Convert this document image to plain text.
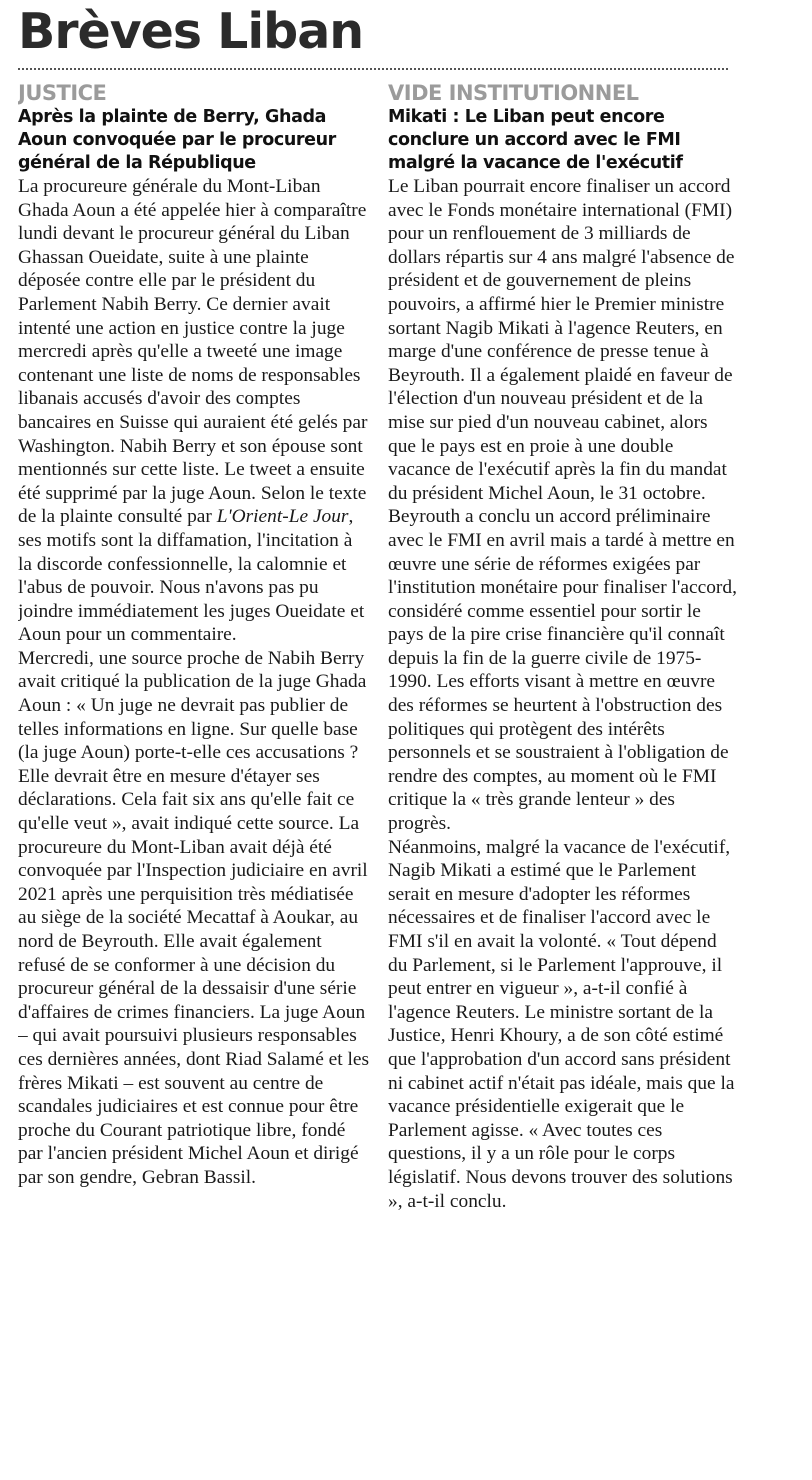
Brèves Liban
JUSTICE
Après la plainte de Berry, Ghada Aoun convoquée par le procureur général de la République

La procureure générale du Mont-Liban Ghada Aoun a été appelée hier à comparaître lundi devant le procureur général du Liban Ghassan Oueidate, suite à une plainte déposée contre elle par le président du Parlement Nabih Berry. Ce dernier avait intenté une action en justice contre la juge mercredi après qu'elle a tweeté une image contenant une liste de noms de responsables libanais accusés d'avoir des comptes bancaires en Suisse qui auraient été gelés par Washington. Nabih Berry et son épouse sont mentionnés sur cette liste. Le tweet a ensuite été supprimé par la juge Aoun. Selon le texte de la plainte consulté par L'Orient-Le Jour, ses motifs sont la diffamation, l'incitation à la discorde confessionnelle, la calomnie et l'abus de pouvoir. Nous n'avons pas pu joindre immédiatement les juges Oueidate et Aoun pour un commentaire.

Mercredi, une source proche de Nabih Berry avait critiqué la publication de la juge Ghada Aoun : « Un juge ne devrait pas publier de telles informations en ligne. Sur quelle base (la juge Aoun) porte-t-elle ces accusations ? Elle devrait être en mesure d'étayer ses déclarations. Cela fait six ans qu'elle fait ce qu'elle veut », avait indiqué cette source. La procureure du Mont-Liban avait déjà été convoquée par l'Inspection judiciaire en avril 2021 après une perquisition très médiatisée au siège de la société Mecattaf à Aoukar, au nord de Beyrouth. Elle avait également refusé de se conformer à une décision du procureur général de la dessaisir d'une série d'affaires de crimes financiers. La juge Aoun – qui avait poursuivi plusieurs responsables ces dernières années, dont Riad Salamé et les frères Mikati – est souvent au centre de scandales judiciaires et est connue pour être proche du Courant patriotique libre, fondé par l'ancien président Michel Aoun et dirigé par son gendre, Gebran Bassil.

VIDE INSTITUTIONNEL
Mikati : Le Liban peut encore conclure un accord avec le FMI malgré la vacance de l'exécutif

Le Liban pourrait encore finaliser un accord avec le Fonds monétaire international (FMI) pour un renflouement de 3 milliards de dollars répartis sur 4 ans malgré l'absence de président et de gouvernement de pleins pouvoirs, a affirmé hier le Premier ministre sortant Nagib Mikati à l'agence Reuters, en marge d'une conférence de presse tenue à Beyrouth. Il a également plaidé en faveur de l'élection d'un nouveau président et de la mise sur pied d'un nouveau cabinet, alors que le pays est en proie à une double vacance de l'exécutif après la fin du mandat du président Michel Aoun, le 31 octobre.

Beyrouth a conclu un accord préliminaire avec le FMI en avril mais a tardé à mettre en œuvre une série de réformes exigées par l'institution monétaire pour finaliser l'accord, considéré comme essentiel pour sortir le pays de la pire crise financière qu'il connaît depuis la fin de la guerre civile de 1975-1990. Les efforts visant à mettre en œuvre des réformes se heurtent à l'obstruction des politiques qui protègent des intérêts personnels et se soustraient à l'obligation de rendre des comptes, au moment où le FMI critique la « très grande lenteur » des progrès.

Néanmoins, malgré la vacance de l'exécutif, Nagib Mikati a estimé que le Parlement serait en mesure d'adopter les réformes nécessaires et de finaliser l'accord avec le FMI s'il en avait la volonté. « Tout dépend du Parlement, si le Parlement l'approuve, il peut entrer en vigueur », a-t-il confié à l'agence Reuters. Le ministre sortant de la Justice, Henri Khoury, a de son côté estimé que l'approbation d'un accord sans président ni cabinet actif n'était pas idéale, mais que la vacance présidentielle exigerait que le Parlement agisse. « Avec toutes ces questions, il y a un rôle pour le corps législatif. Nous devons trouver des solutions », a-t-il conclu.
